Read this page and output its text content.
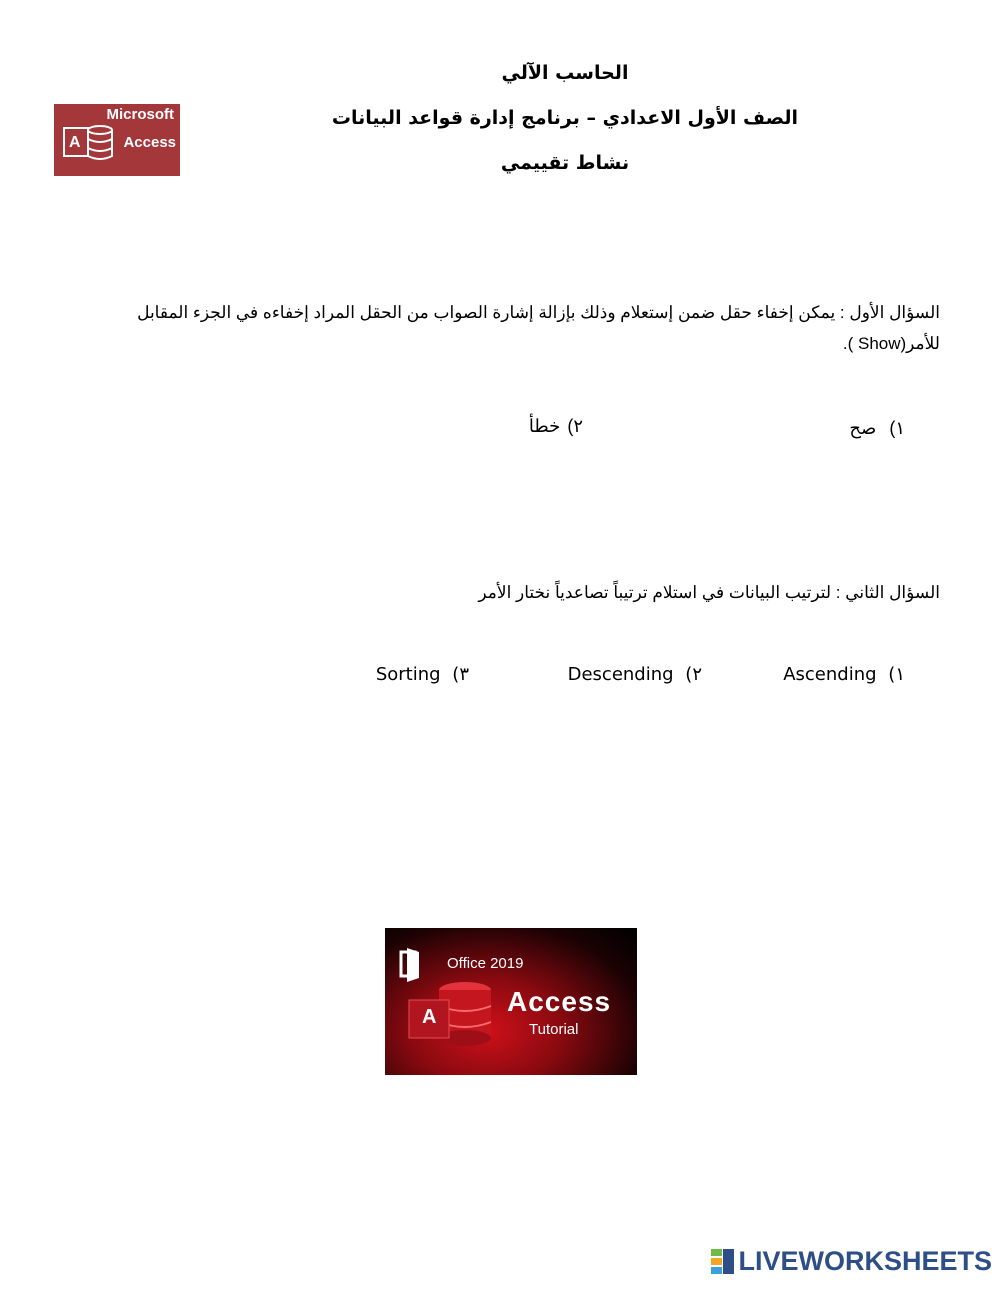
الحاسب الآلي
الصف الأول الاعدادي – برنامج إدارة قواعد البيانات
نشاط تقييمي
A
Microsoft
Access
السؤال الأول : يمكن إخفاء حقل ضمن إستعلام وذلك بإزالة إشارة الصواب من الحقل المراد إخفاءه في الجزء المقابل
للأمر(Show ).
١) صح
٢) خطأ
السؤال الثاني : لترتيب البيانات في استلام ترتيباً تصاعدياً نختار الأمر
١) Ascending
٢) Descending
٣) Sorting
A
Office 2019
Access
Tutorial
LIVEWORKSHEETS
